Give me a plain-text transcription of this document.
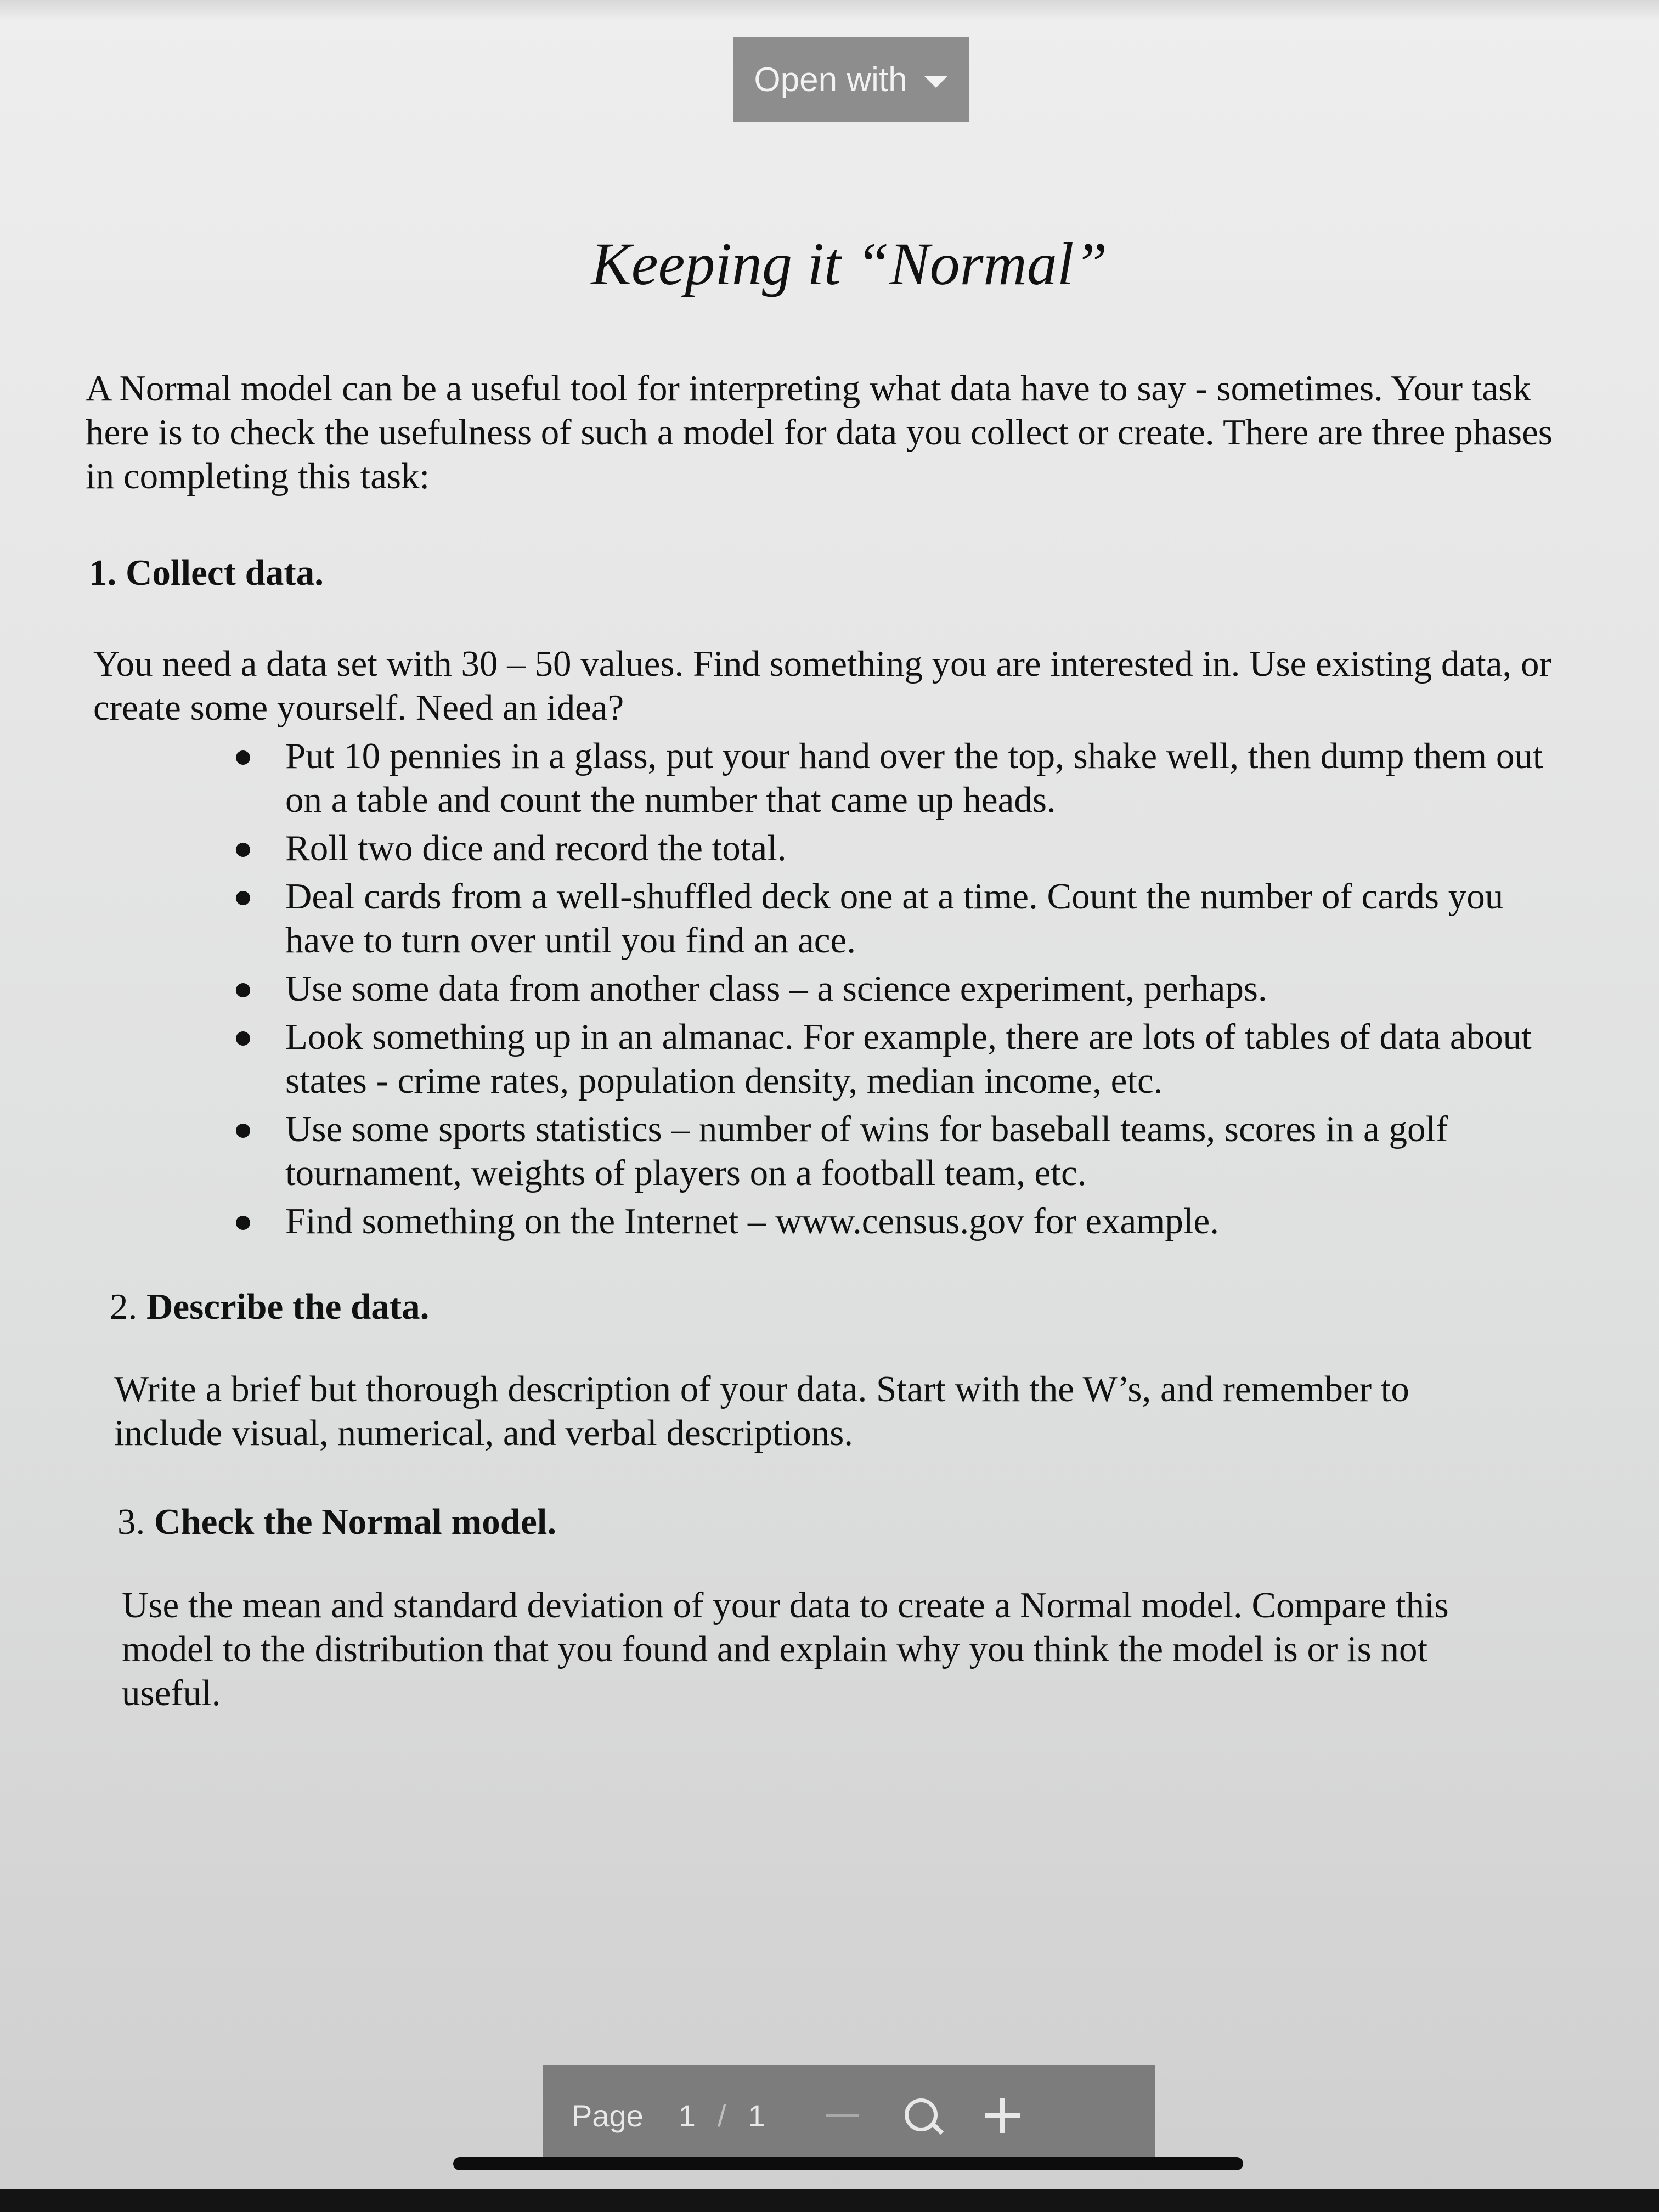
Open with
Keeping it “Normal”

A Normal model can be a useful tool for interpreting what data have to say - sometimes. Your task here is to check the usefulness of such a model for data you collect or create. There are three phases in completing this task:

1. Collect data.

You need a data set with 30 – 50 values. Find something you are interested in. Use existing data, or create some yourself. Need an idea?

Put 10 pennies in a glass, put your hand over the top, shake well, then dump them out on a table and count the number that came up heads.
Roll two dice and record the total.
Deal cards from a well-shuffled deck one at a time. Count the number of cards you have to turn over until you find an ace.
Use some data from another class – a science experiment, perhaps.
Look something up in an almanac. For example, there are lots of tables of data about states - crime rates, population density, median income, etc.
Use some sports statistics – number of wins for baseball teams, scores in a golf tournament, weights of players on a football team, etc.
Find something on the Internet – www.census.gov for example.

2. Describe the data.

Write a brief but thorough description of your data. Start with the W’s, and remember to include visual, numerical, and verbal descriptions.

3. Check the Normal model.

Use the mean and standard deviation of your data to create a Normal model. Compare this model to the distribution that you found and explain why you think the model is or is not useful.

Page 1 / 1
